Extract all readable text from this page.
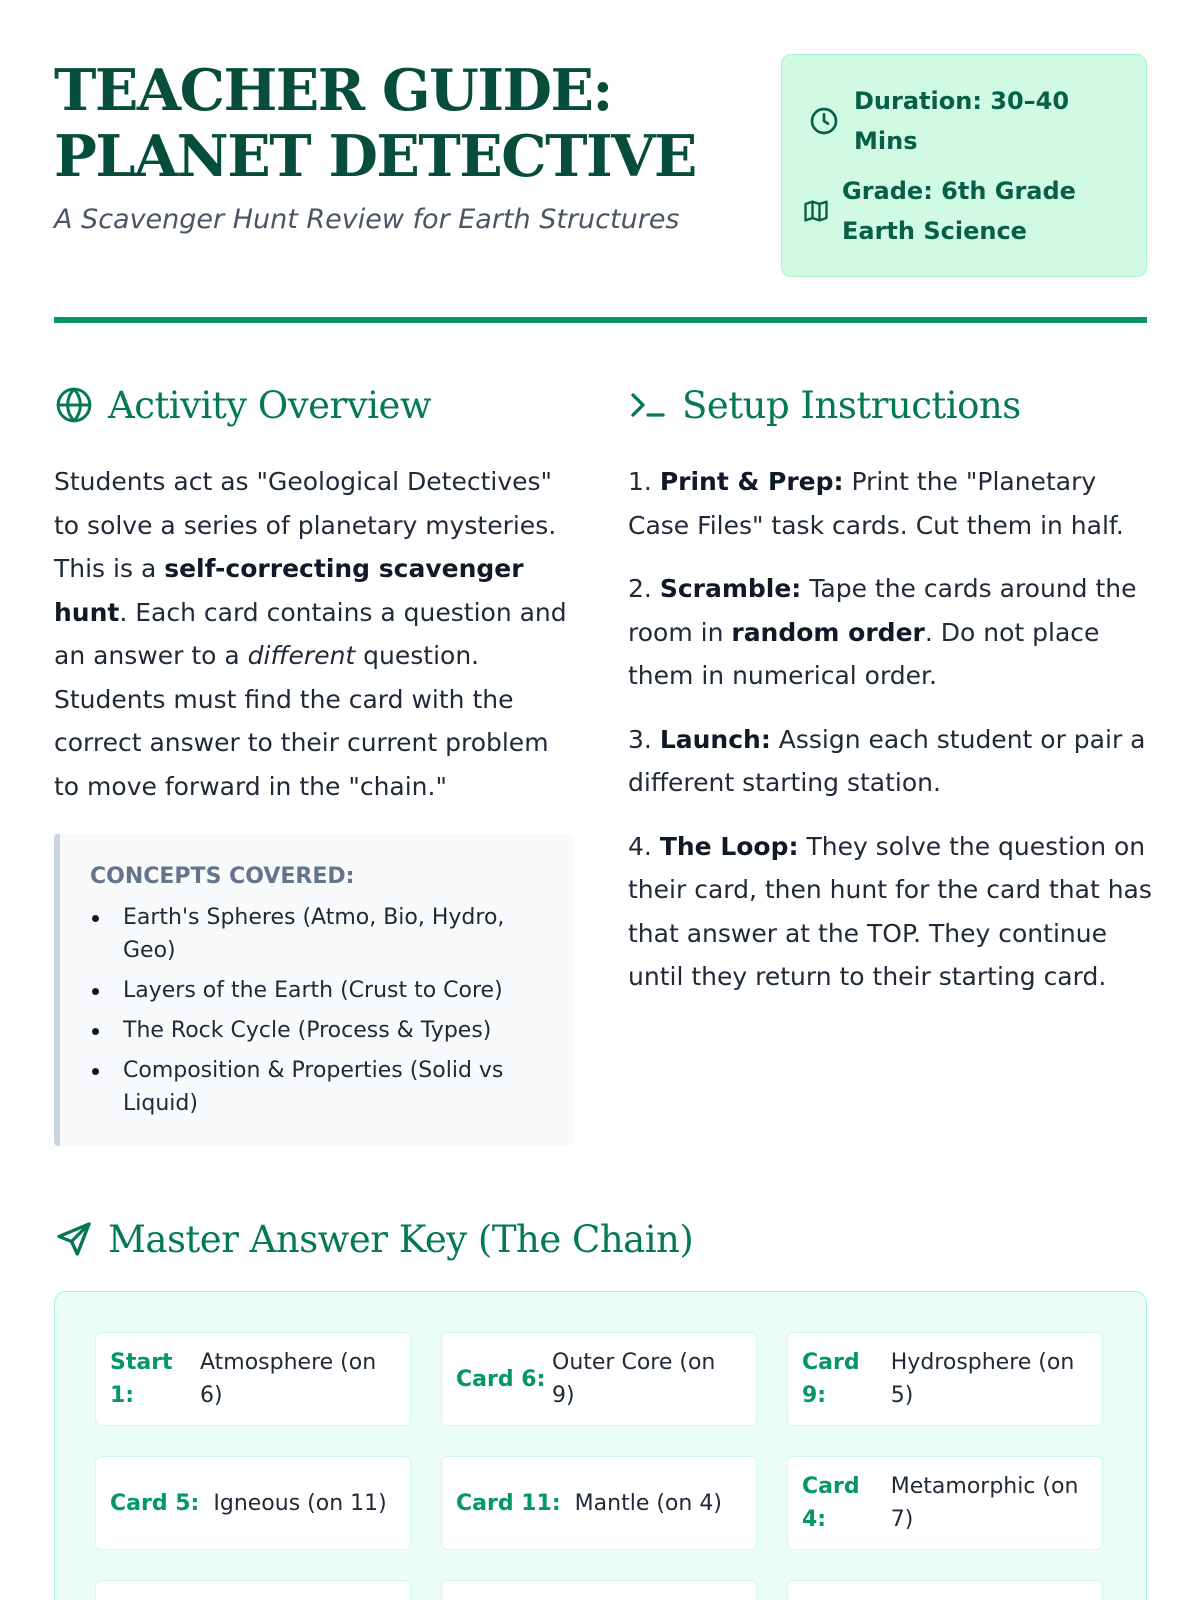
TEACHER GUIDE:
PLANET DETECTIVE
A Scavenger Hunt Review for Earth Structures
Duration: 30–40 Mins
Grade: 6th Grade Earth Science
Activity Overview

Students act as "Geological Detectives" to solve a series of planetary mysteries. This is a self-correcting scavenger hunt. Each card contains a question and an answer to a different question. Students must find the card with the correct answer to their current problem to move forward in the "chain."

CONCEPTS COVERED:
Earth's Spheres (Atmo, Bio, Hydro, Geo)
Layers of the Earth (Crust to Core)
The Rock Cycle (Process & Types)
Composition & Properties (Solid vs Liquid)
Setup Instructions

1. Print & Prep: Print the "Planetary Case Files" task cards. Cut them in half.

2. Scramble: Tape the cards around the room in random order. Do not place them in numerical order.

3. Launch: Assign each student or pair a different starting station.

4. The Loop: They solve the question on their card, then hunt for the card that has that answer at the TOP. They continue until they return to their starting card.

Master Answer Key (The Chain)
Start 1:
Atmosphere (on 6)
Card 6:
Outer Core (on 9)
Card 9:
Hydrosphere (on 5)
Card 5: Igneous (on 11)	Card 11: Mantle (on 4)
Card 4:
Metamorphic (on 7)
